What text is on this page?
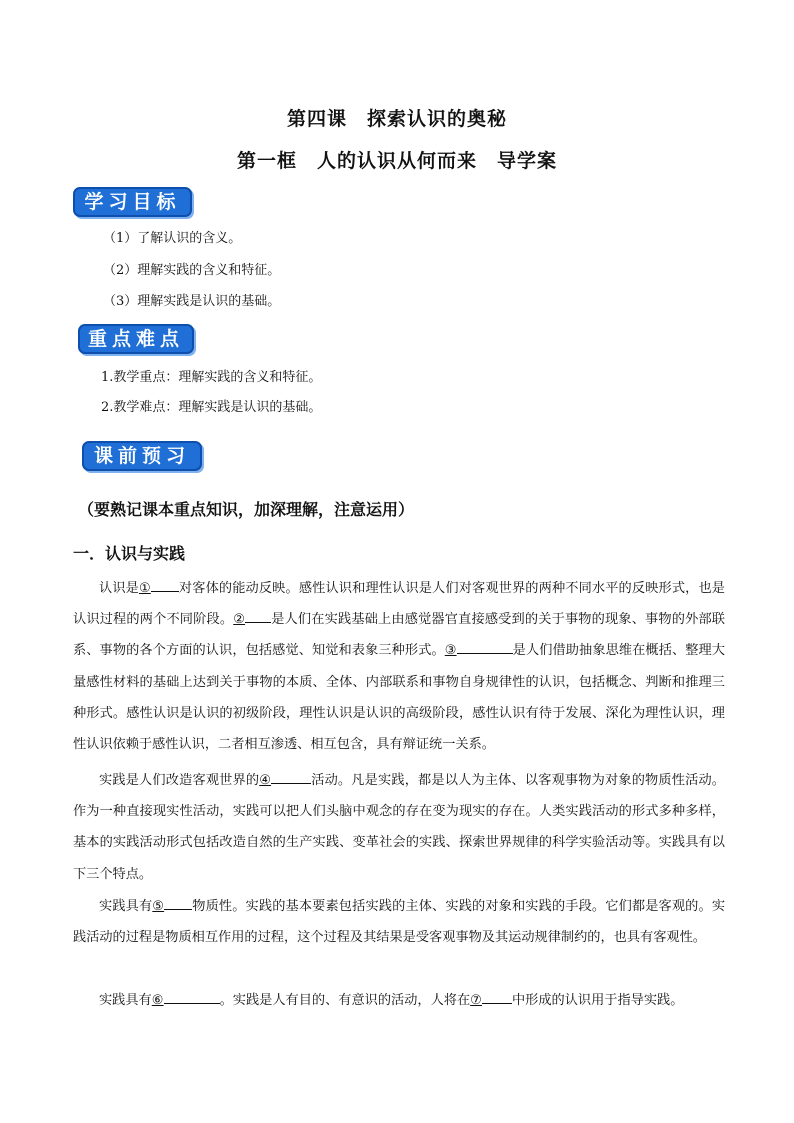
第四课　探索认识的奥秘
第一框　人的认识从何而来　导学案
学习目标
（1）了解认识的含义。
（2）理解实践的含义和特征。
（3）理解实践是认识的基础。
重点难点
1.教学重点：理解实践的含义和特征。
2.教学难点：理解实践是认识的基础。
课前预习
（要熟记课本重点知识，加深理解，注意运用）
一．认识与实践
认识是① 对客体的能动反映。感性认识和理性认识是人们对客观世界的两种不同水平的反映形式，也是认识过程的两个不同阶段。② 是人们在实践基础上由感觉器官直接感受到的关于事物的现象、事物的外部联系、事物的各个方面的认识，包括感觉、知觉和表象三种形式。③	是人们借助抽象思维在概括、整理大量感性材料的基础上达到关于事物的本质、全体、内部联系和事物自身规律性的认识，包括概念、判断和推理三种形式。感性认识是认识的初级阶段，理性认识是认识的高级阶段，感性认识有待于发展、深化为理性认识，理性认识依赖于感性认识，二者相互渗透、相互包含，具有辩证统一关系。
实践是人们改造客观世界的④	活动。凡是实践，都是以人为主体、以客观事物为对象的物质性活动。作为一种直接现实性活动，实践可以把人们头脑中观念的存在变为现实的存在。人类实践活动的形式多种多样，基本的实践活动形式包括改造自然的生产实践、变革社会的实践、探索世界规律的科学实验活动等。实践具有以下三个特点。
实践具有⑤ 物质性。实践的基本要素包括实践的主体、实践的对象和实践的手段。它们都是客观的。实践活动的过程是物质相互作用的过程，这个过程及其结果是受客观事物及其运动规律制约的，也具有客观性。
实践具有⑥	。实践是人有目的、有意识的活动，人将在⑦ 中形成的认识用于指导实践。
